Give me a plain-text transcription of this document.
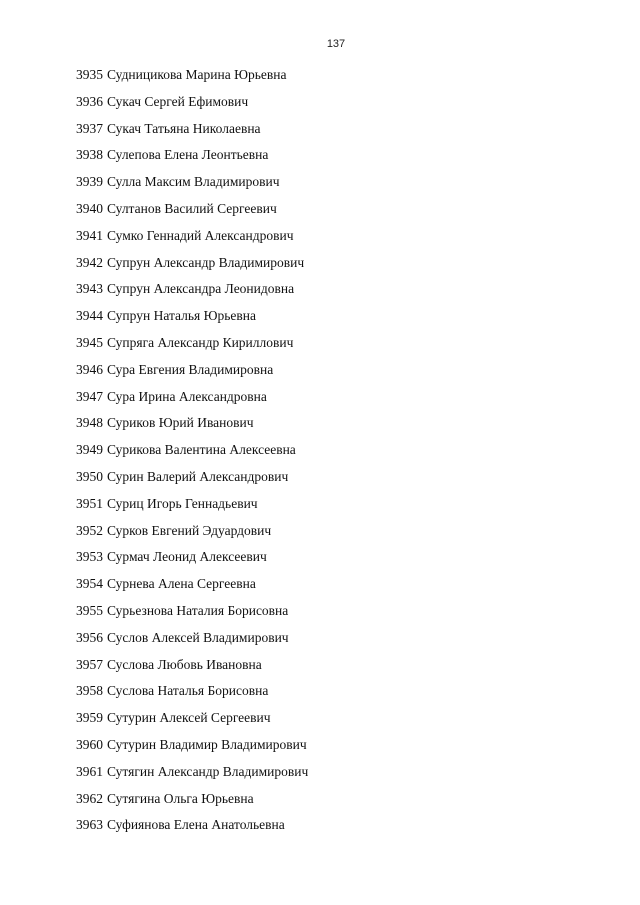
137
3935 Судницикова Марина Юрьевна
3936 Сукач Сергей Ефимович
3937 Сукач Татьяна Николаевна
3938 Сулепова Елена Леонтьевна
3939 Сулла Максим Владимирович
3940 Султанов Василий Сергеевич
3941 Сумко Геннадий Александрович
3942 Супрун Александр Владимирович
3943 Супрун Александра Леонидовна
3944 Супрун Наталья Юрьевна
3945 Супряга Александр Кириллович
3946 Сура Евгения Владимировна
3947 Сура Ирина Александровна
3948 Суриков Юрий Иванович
3949 Сурикова Валентина Алексеевна
3950 Сурин Валерий Александрович
3951 Суриц Игорь Геннадьевич
3952 Сурков Евгений Эдуардович
3953 Сурмач Леонид Алексеевич
3954 Сурнева Алена Сергеевна
3955 Сурьезнова Наталия Борисовна
3956 Суслов Алексей Владимирович
3957 Суслова Любовь Ивановна
3958 Суслова Наталья Борисовна
3959 Сутурин Алексей Сергеевич
3960 Сутурин Владимир Владимирович
3961 Сутягин Александр Владимирович
3962 Сутягина Ольга Юрьевна
3963 Суфиянова Елена Анатольевна
